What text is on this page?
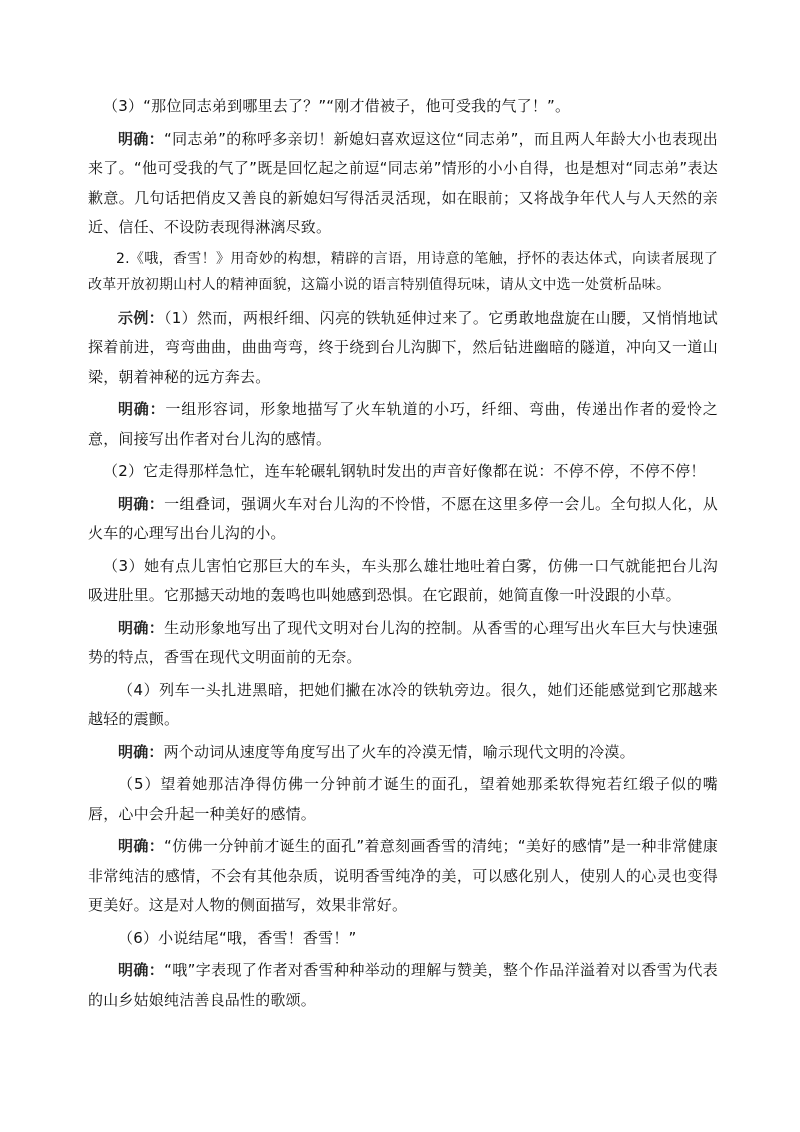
（3）“那位同志弟到哪里去了？”“刚才借被子，他可受我的气了！”。

明确：“同志弟”的称呼多亲切！新媳妇喜欢逗这位“同志弟”，而且两人年龄大小也表现出来了。“他可受我的气了”既是回忆起之前逗“同志弟”情形的小小自得，也是想对“同志弟”表达歉意。几句话把俏皮又善良的新媳妇写得活灵活现，如在眼前；又将战争年代人与人天然的亲近、信任、不设防表现得淋漓尽致。

2.《哦，香雪！》用奇妙的构想，精辟的言语，用诗意的笔触，抒怀的表达体式，向读者展现了改革开放初期山村人的精神面貌，这篇小说的语言特别值得玩味，请从文中选一处赏析品味。

示例：（1）然而，两根纤细、闪亮的铁轨延伸过来了。它勇敢地盘旋在山腰，又悄悄地试探着前进，弯弯曲曲，曲曲弯弯，终于绕到台儿沟脚下，然后钻进幽暗的隧道，冲向又一道山梁，朝着神秘的远方奔去。

明确：一组形容词，形象地描写了火车轨道的小巧，纤细、弯曲，传递出作者的爱怜之意，间接写出作者对台儿沟的感情。

（2）它走得那样急忙，连车轮碾轧钢轨时发出的声音好像都在说：不停不停，不停不停！

明确：一组叠词，强调火车对台儿沟的不怜惜，不愿在这里多停一会儿。全句拟人化，从火车的心理写出台儿沟的小。

（3）她有点儿害怕它那巨大的车头，车头那么雄壮地吐着白雾，仿佛一口气就能把台儿沟吸进肚里。它那撼天动地的轰鸣也叫她感到恐惧。在它跟前，她简直像一叶没跟的小草。

明确：生动形象地写出了现代文明对台儿沟的控制。从香雪的心理写出火车巨大与快速强势的特点，香雪在现代文明面前的无奈。

（4）列车一头扎进黑暗，把她们撇在冰冷的铁轨旁边。很久，她们还能感觉到它那越来越轻的震颤。

明确：两个动词从速度等角度写出了火车的冷漠无情，喻示现代文明的冷漠。

（5）望着她那洁净得仿佛一分钟前才诞生的面孔，望着她那柔软得宛若红缎子似的嘴唇，心中会升起一种美好的感情。

明确：“仿佛一分钟前才诞生的面孔”着意刻画香雪的清纯；“美好的感情”是一种非常健康非常纯洁的感情，不会有其他杂质，说明香雪纯净的美，可以感化别人，使别人的心灵也变得更美好。这是对人物的侧面描写，效果非常好。

（6）小说结尾“哦，香雪！香雪！”

明确：“哦”字表现了作者对香雪种种举动的理解与赞美，整个作品洋溢着对以香雪为代表的山乡姑娘纯洁善良品性的歌颂。
